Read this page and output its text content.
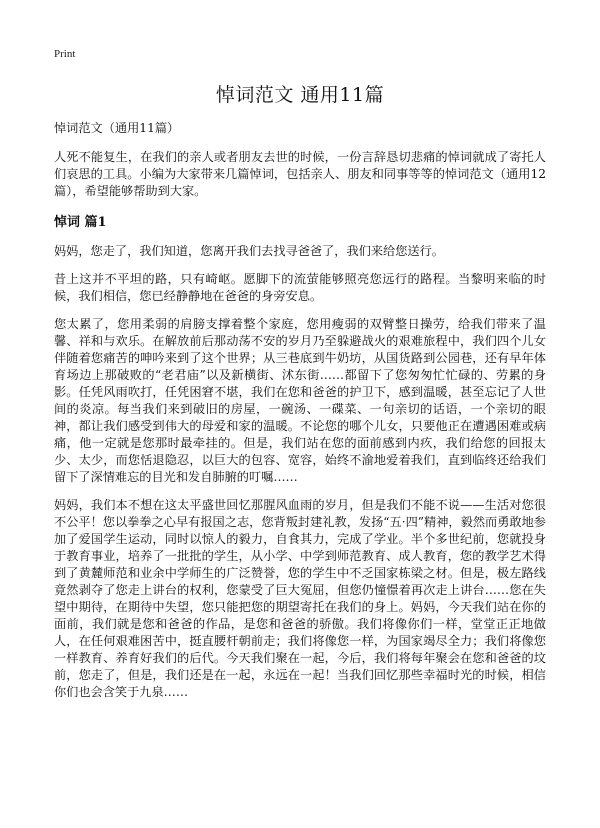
Print
悼词范文 通用11篇
悼词范文（通用11篇）

人死不能复生，在我们的亲人或者朋友去世的时候，一份言辞恳切悲痛的悼词就成了寄托人们哀思的工具。小编为大家带来几篇悼词，包括亲人、朋友和同事等等的悼词范文（通用12篇），希望能够帮助到大家。

悼词 篇1

妈妈，您走了，我们知道，您离开我们去找寻爸爸了，我们来给您送行。

昔上这并不平坦的路，只有崎岖。愿脚下的流萤能够照亮您远行的路程。当黎明来临的时候，我们相信，您已经静静地在爸爸的身旁安息。

您太累了，您用柔弱的肩膀支撑着整个家庭，您用瘦弱的双臂整日操劳，给我们带来了温馨、祥和与欢乐。在解放前后那动荡不安的岁月乃至躲避战火的艰难旅程中，我们四个儿女伴随着您痛苦的呻吟来到了这个世界；从三巷底到牛奶坊，从国货路到公园巷，还有早年体育场边上那破败的“老君庙”以及新横街、沭东街……都留下了您匆匆忙忙碌的、劳累的身影。任凭风雨吹打，任凭困窘不堪，我们在您和爸爸的护卫下，感到温暖，甚至忘记了人世间的炎凉。每当我们来到破旧的房屋，一碗汤、一碟菜、一句亲切的话语，一个亲切的眼神，都让我们感受到伟大的母爱和家的温暖。不论您的哪个儿女，只要他正在遭遇困难或病痛，他一定就是您那时最牵挂的。但是，我们站在您的面前感到内疚，我们给您的回报太少、太少，而您恬退隐忍，以巨大的包容、宽容，始终不渝地爱着我们，直到临终还给我们留下了深情难忘的目光和发自肺腑的叮嘱……

妈妈，我们本不想在这太平盛世回忆那腥风血雨的岁月，但是我们不能不说——生活对您很不公平！您以拳拳之心早有报国之志，您背叛封建礼教，发扬“五·四”精神，毅然而勇敢地参加了爱国学生运动，同时以惊人的毅力，自食其力，完成了学业。半个多世纪前，您就投身于教育事业，培养了一批批的学生，从小学、中学到师范教育、成人教育，您的教学艺术得到了黄麓师范和业余中学师生的广泛赞誉，您的学生中不乏国家栋梁之材。但是，极左路线竟然剥夺了您走上讲台的权利，您蒙受了巨大冤屈，但您仍憧憬着再次走上讲台……您在失望中期待，在期待中失望，您只能把您的期望寄托在我们的身上。妈妈，今天我们站在你的面前，我们就是您和爸爸的作品，是您和爸爸的骄傲。我们将像你们一样，堂堂正正地做人，在任何艰难困苦中，挺直腰杆朝前走；我们将像您一样，为国家竭尽全力；我们将像您一样教育、养育好我们的后代。今天我们聚在一起，今后，我们将每年聚会在您和爸爸的坟前，您走了，但是，我们还是在一起，永远在一起！当我们回忆那些幸福时光的时候，相信你们也会含笑于九泉……
